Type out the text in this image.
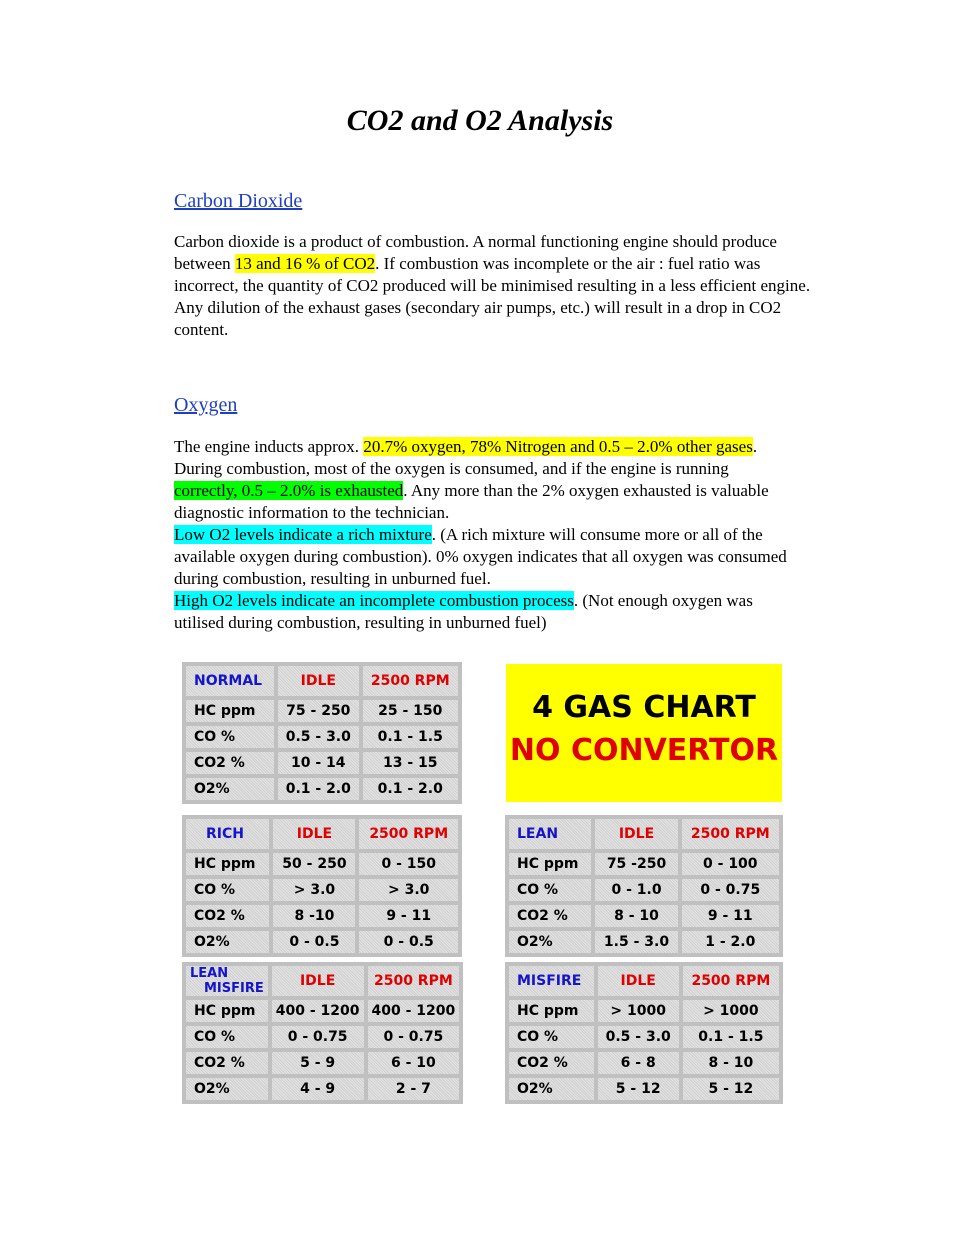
CO2 and O2 Analysis
Carbon Dioxide
Carbon dioxide is a product of combustion. A normal functioning engine should produce between 13 and 16 % of CO2. If combustion was incomplete or the air : fuel ratio was incorrect, the quantity of CO2 produced will be minimised resulting in a less efficient engine. Any dilution of the exhaust gases (secondary air pumps, etc.) will result in a drop in CO2 content.
Oxygen
The engine inducts approx. 20.7% oxygen, 78% Nitrogen and 0.5 – 2.0% other gases. During combustion, most of the oxygen is consumed, and if the engine is running correctly, 0.5 – 2.0% is exhausted. Any more than the 2% oxygen exhausted is valuable diagnostic information to the technician.
Low O2 levels indicate a rich mixture. (A rich mixture will consume more or all of the available oxygen during combustion). 0% oxygen indicates that all oxygen was consumed during combustion, resulting in unburned fuel.
High O2 levels indicate an incomplete combustion process. (Not enough oxygen was utilised during combustion, resulting in unburned fuel)
NORMAL	IDLE	2500 RPM
HC ppm	75 - 250	25 - 150
CO %	0.5 - 3.0	0.1 - 1.5
CO2 %	10 - 14	13 - 15
O2%	0.1 - 2.0	0.1 - 2.0
4 GAS CHART
NO CONVERTOR
RICH	IDLE	2500 RPM
HC ppm	50 - 250	0 - 150
CO %	> 3.0	> 3.0
CO2 %	8 -10	9 - 11
O2%	0 - 0.5	0 - 0.5
LEAN	IDLE	2500 RPM
HC ppm	75 -250	0 - 100
CO %	0 - 1.0	0 - 0.75
CO2 %	8 - 10	9 - 11
O2%	1.5 - 3.0	1 - 2.0
LEAN
MISFIRE	IDLE	2500 RPM
HC ppm	400 - 1200	400 - 1200
CO %	0 - 0.75	0 - 0.75
CO2 %	5 - 9	6 - 10
O2%	4 - 9	2 - 7
MISFIRE	IDLE	2500 RPM
HC ppm	> 1000	> 1000
CO %	0.5 - 3.0	0.1 - 1.5
CO2 %	6 - 8	8 - 10
O2%	5 - 12	5 - 12
